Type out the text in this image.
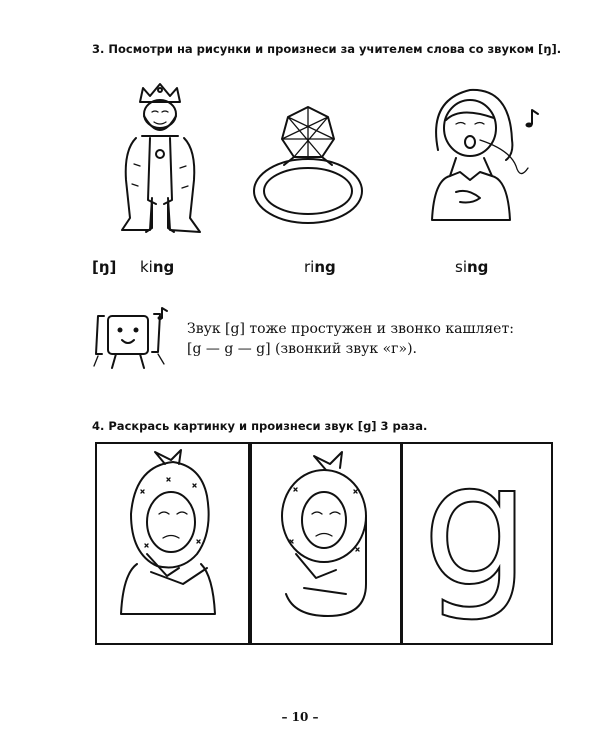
3. Посмотри на рисунки и произнеси за учителем слова со звуком [ŋ].
[ŋ] king	ring	sing
Звук [g] тоже простужен и звонко кашляет:
[g — g — g] (звонкий звук «г»).
4. Раскрась картинку и произнеси звук [g] 3 раза.
g
– 10 –
